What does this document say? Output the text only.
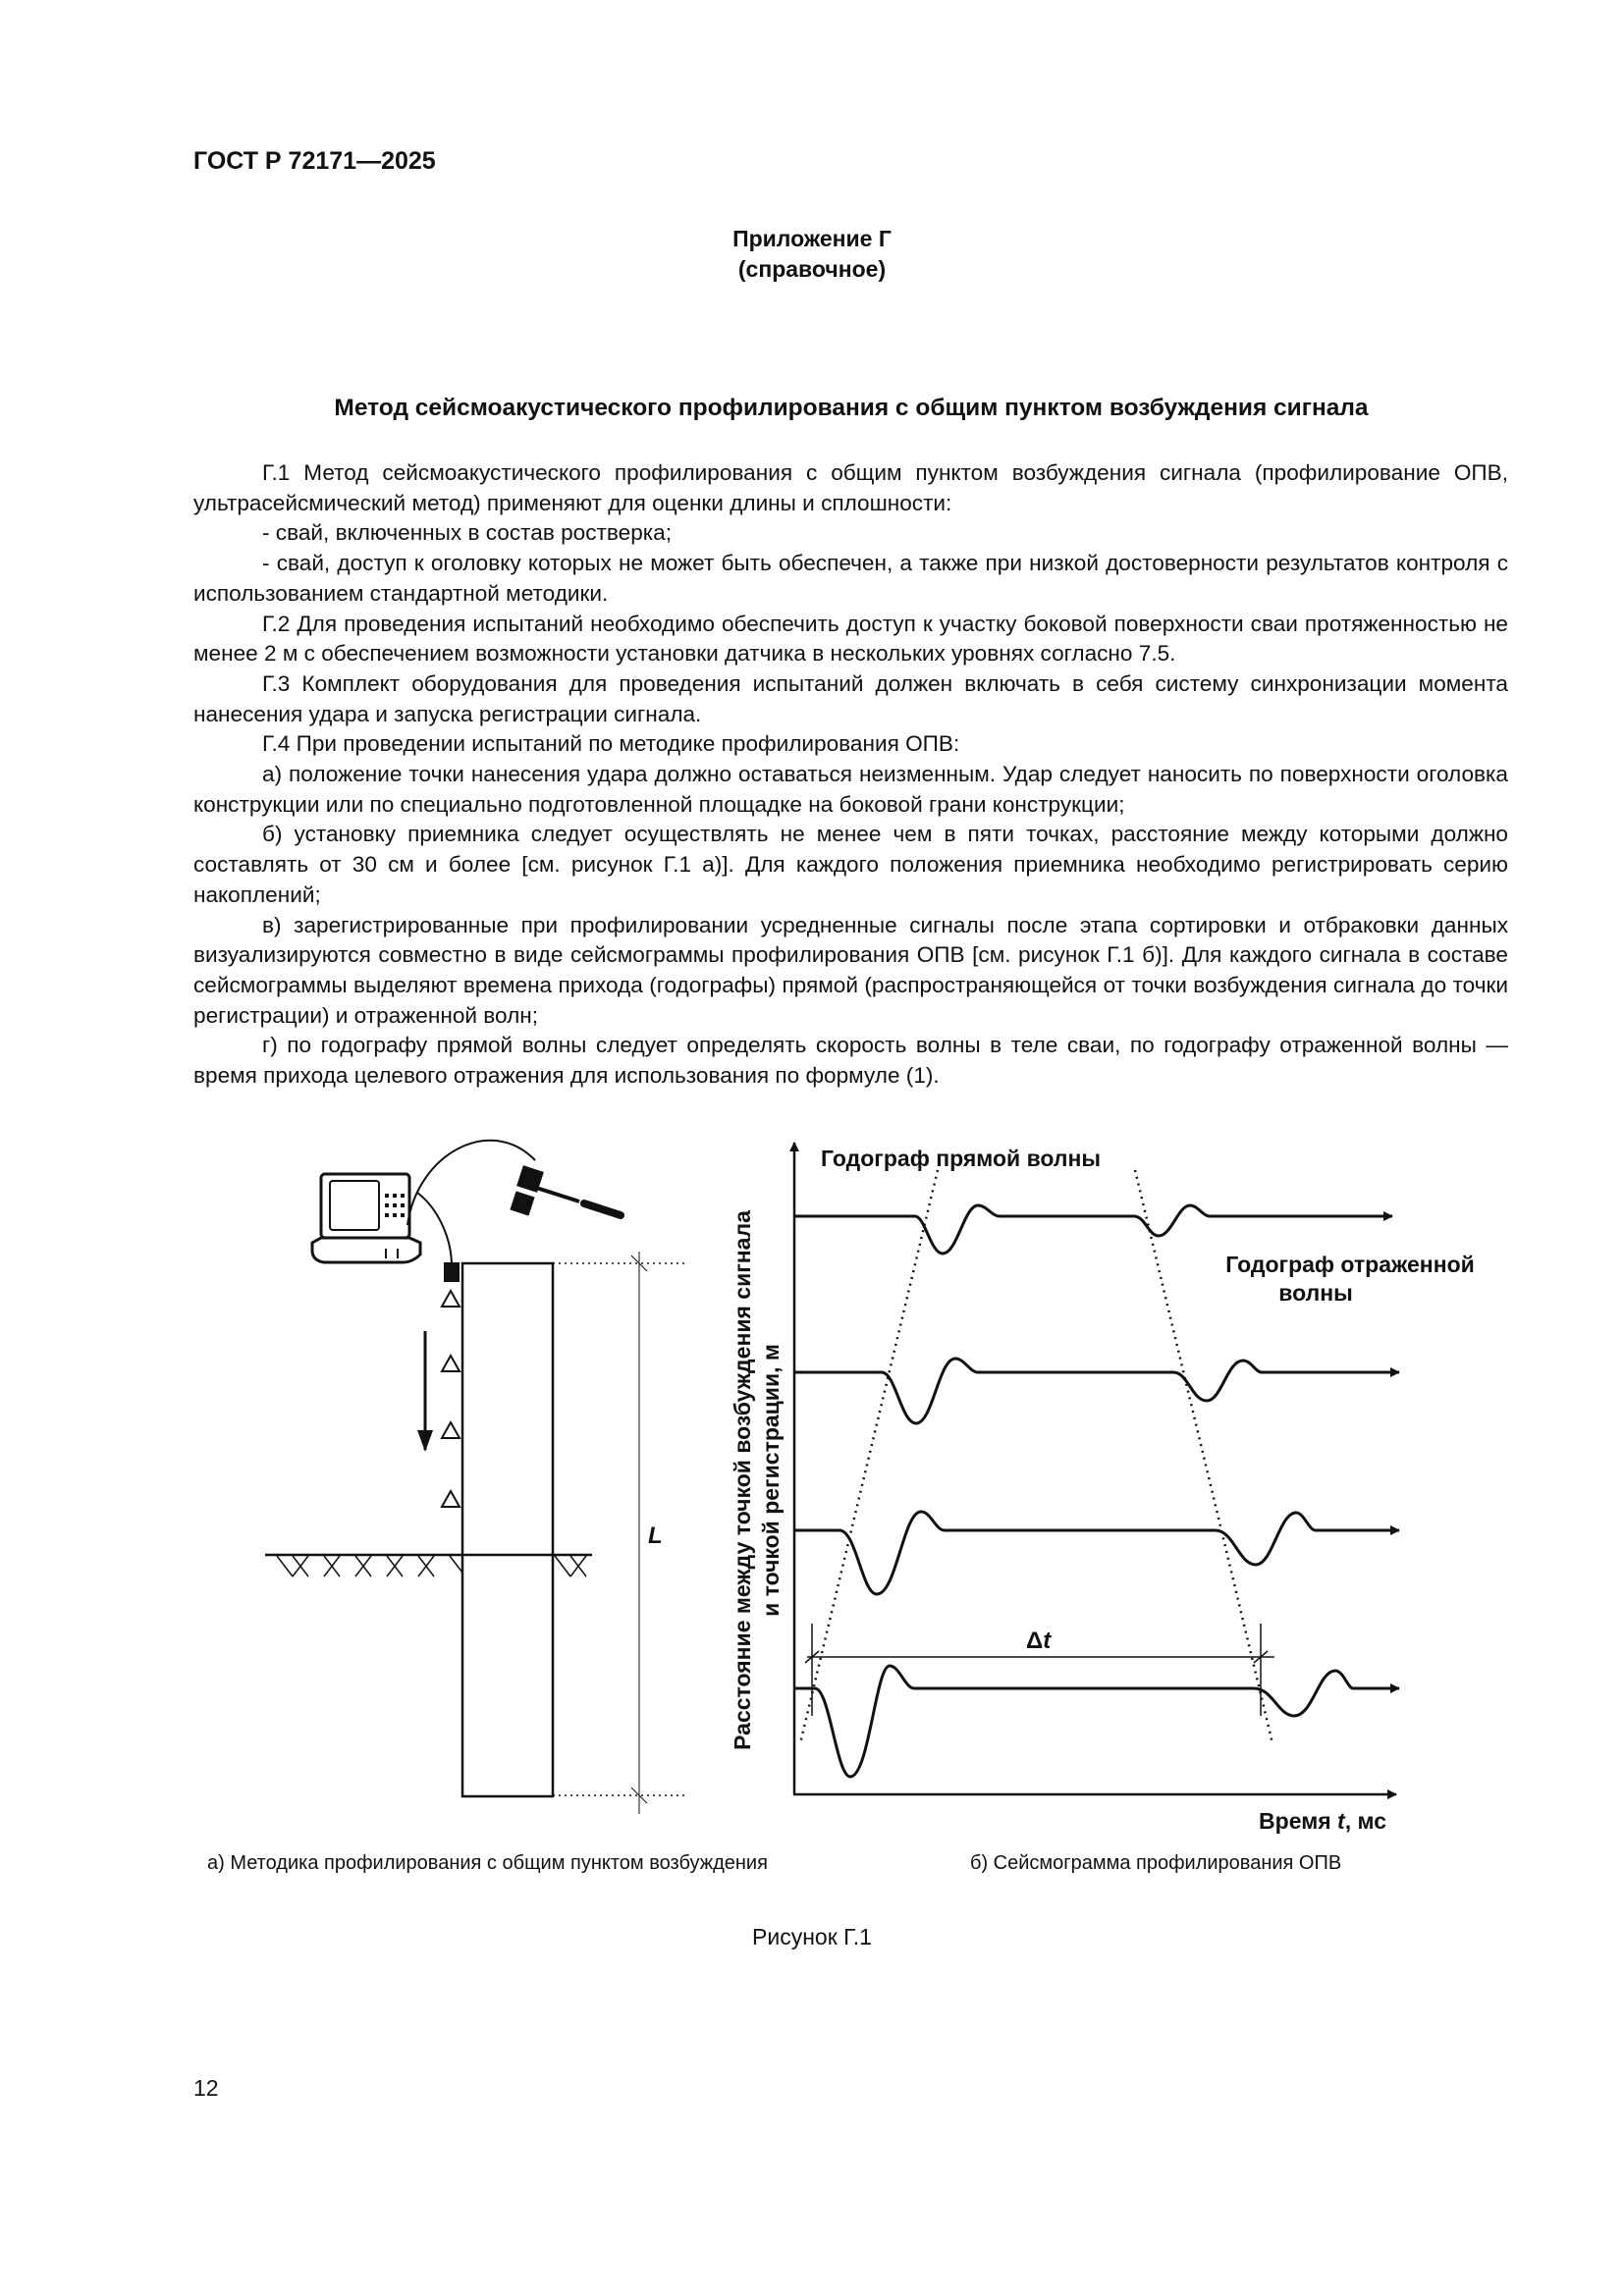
ГОСТ Р 72171—2025
Приложение Г
(справочное)
Метод сейсмоакустического профилирования с общим пунктом возбуждения сигнала

Г.1 Метод сейсмоакустического профилирования с общим пунктом возбуждения сигнала (профилирование ОПВ, ультрасейсмический метод) применяют для оценки длины и сплошности:

- свай, включенных в состав ростверка;

- свай, доступ к оголовку которых не может быть обеспечен, а также при низкой достоверности результатов контроля с использованием стандартной методики.

Г.2 Для проведения испытаний необходимо обеспечить доступ к участку боковой поверхности сваи протяженностью не менее 2 м с обеспечением возможности установки датчика в нескольких уровнях согласно 7.5.

Г.3 Комплект оборудования для проведения испытаний должен включать в себя систему синхронизации момента нанесения удара и запуска регистрации сигнала.

Г.4 При проведении испытаний по методике профилирования ОПВ:

а) положение точки нанесения удара должно оставаться неизменным. Удар следует наносить по поверхности оголовка конструкции или по специально подготовленной площадке на боковой грани конструкции;

б) установку приемника следует осуществлять не менее чем в пяти точках, расстояние между которыми должно составлять от 30 см и более [см. рисунок Г.1 а)]. Для каждого положения приемника необходимо регистрировать серию накоплений;

в) зарегистрированные при профилировании усредненные сигналы после этапа сортировки и отбраковки данных визуализируются совместно в виде сейсмограммы профилирования ОПВ [см. рисунок Г.1 б)]. Для каждого сигнала в составе сейсмограммы выделяют времена прихода (годографы) прямой (распространяющейся от точки возбуждения сигнала до точки регистрации) и отраженной волн;

г) по годографу прямой волны следует определять скорость волны в теле сваи, по годографу отраженной волны — время прихода целевого отражения для использования по формуле (1).

L
Годограф прямой волны
Годограф отраженной
волны
Δt
Время t, мс
Расстояние между точкой возбуждения сигнала и точкой регистрации, м
а) Методика профилирования с общим пунктом возбуждения	б) Сейсмограмма профилирования ОПВ
Рисунок Г.1
12
